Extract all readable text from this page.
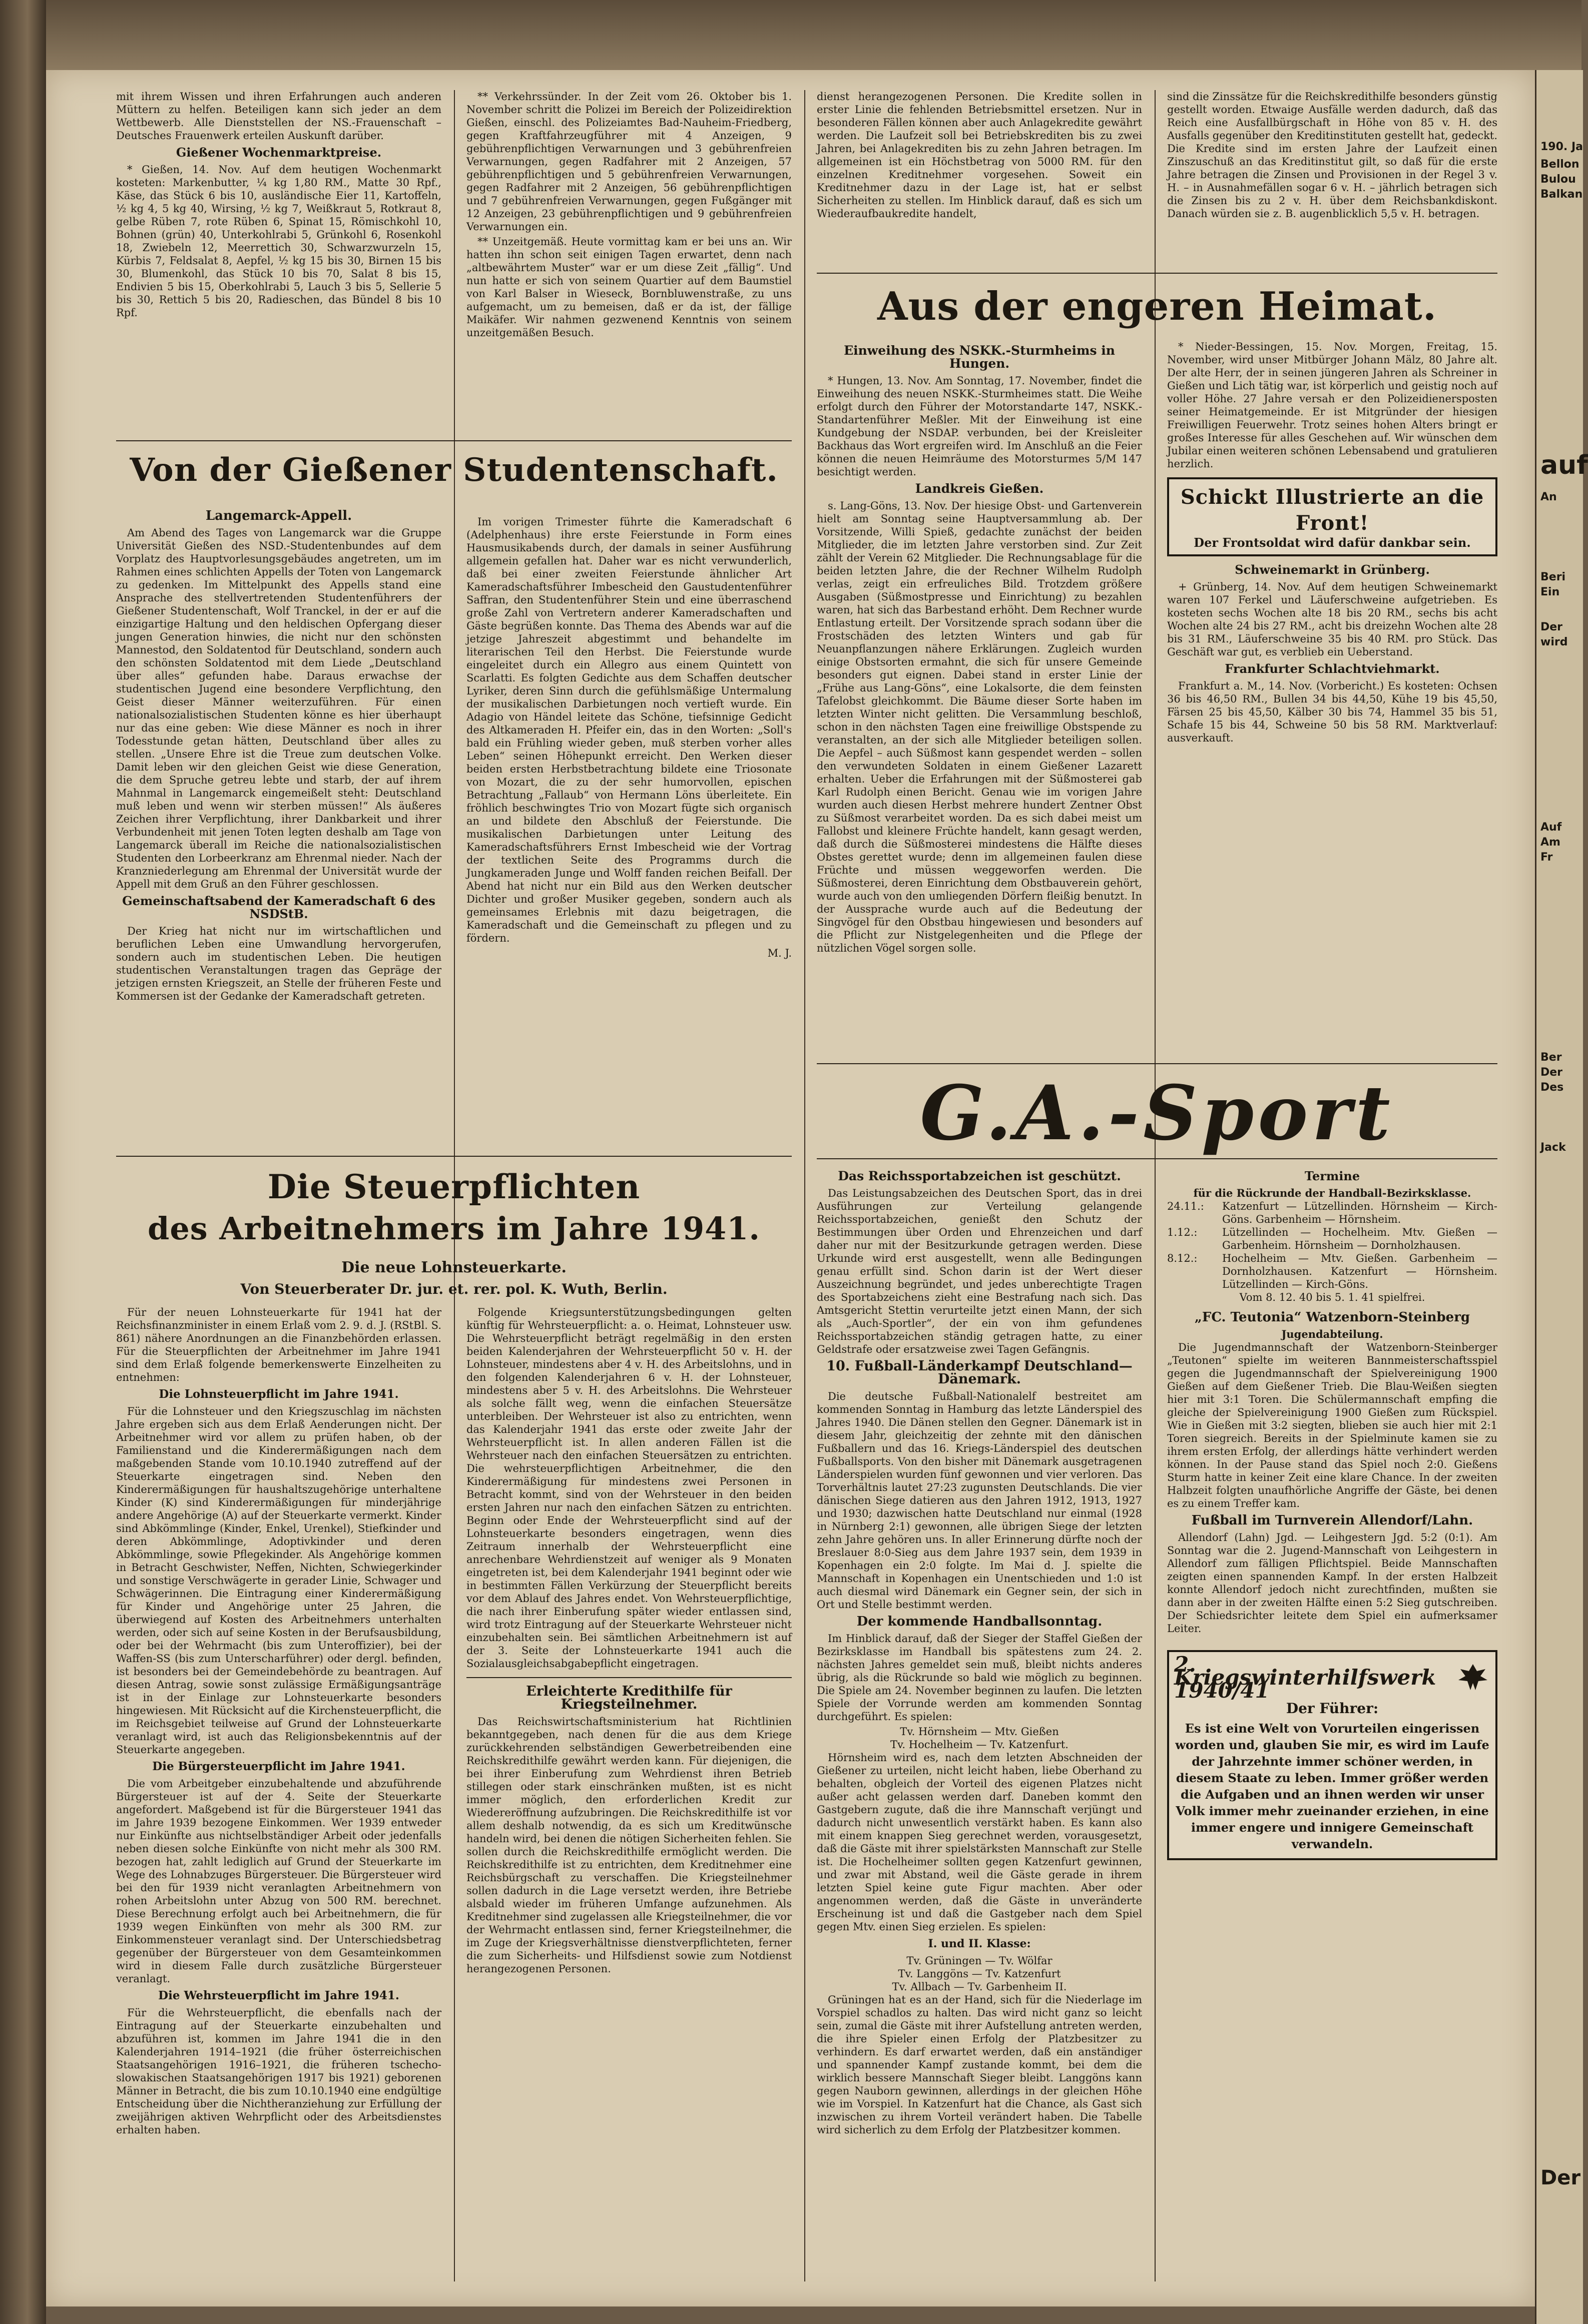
mit ihrem Wissen und ihren Erfahrungen auch anderen Müttern zu helfen. Beteiligen kann sich jeder an dem Wettbewerb. Alle Dienststellen der NS.-Frauenschaft – Deutsches Frauenwerk erteilen Auskunft darüber.

Gießener Wochenmarktpreise.

* Gießen, 14. Nov. Auf dem heutigen Wochenmarkt kosteten: Markenbutter, ¼ kg 1,80 RM., Matte 30 Rpf., Käse, das Stück 6 bis 10, ausländische Eier 11, Kartoffeln, ½ kg 4, 5 kg 40, Wirsing, ½ kg 7, Weißkraut 5, Rotkraut 8, gelbe Rüben 7, rote Rüben 6, Spinat 15, Römischkohl 10, Bohnen (grün) 40, Unterkohlrabi 5, Grünkohl 6, Rosenkohl 18, Zwiebeln 12, Meerrettich 30, Schwarzwurzeln 15, Kürbis 7, Feldsalat 8, Aepfel, ½ kg 15 bis 30, Birnen 15 bis 30, Blumenkohl, das Stück 10 bis 70, Salat 8 bis 15, Endivien 5 bis 15, Oberkohlrabi 5, Lauch 3 bis 5, Sellerie 5 bis 30, Rettich 5 bis 20, Radieschen, das Bündel 8 bis 10 Rpf.

** Verkehrssünder. In der Zeit vom 26. Oktober bis 1. November schritt die Polizei im Bereich der Polizeidirektion Gießen, einschl. des Polizeiamtes Bad-Nauheim-Friedberg, gegen Kraftfahrzeugführer mit 4 Anzeigen, 9 gebührenpflichtigen Verwarnungen und 3 gebührenfreien Verwarnungen, gegen Radfahrer mit 2 Anzeigen, 57 gebührenpflichtigen und 5 gebührenfreien Verwarnungen, gegen Radfahrer mit 2 Anzeigen, 56 gebührenpflichtigen und 7 gebührenfreien Verwarnungen, gegen Fußgänger mit 12 Anzeigen, 23 gebührenpflichtigen und 9 gebührenfreien Verwarnungen ein.

** Unzeitgemäß. Heute vormittag kam er bei uns an. Wir hatten ihn schon seit einigen Tagen erwartet, denn nach „altbewährtem Muster“ war er um diese Zeit „fällig“. Und nun hatte er sich von seinem Quartier auf dem Baumstiel von Karl Balser in Wieseck, Bornbluwenstraße, zu uns aufgemacht, um zu bemeisen, daß er da ist, der fällige Maikäfer. Wir nahmen gezwenend Kenntnis von seinem unzeitgemäßen Besuch.

dienst herangezogenen Personen. Die Kredite sollen in erster Linie die fehlenden Betriebsmittel ersetzen. Nur in besonderen Fällen können aber auch Anlagekredite gewährt werden. Die Laufzeit soll bei Betriebskrediten bis zu zwei Jahren, bei Anlagekrediten bis zu zehn Jahren betragen. Im allgemeinen ist ein Höchstbetrag von 5000 RM. für den einzelnen Kreditnehmer vorgesehen. Soweit ein Kreditnehmer dazu in der Lage ist, hat er selbst Sicherheiten zu stellen. Im Hinblick darauf, daß es sich um Wiederaufbaukredite handelt,

sind die Zinssätze für die Reichskredithilfe besonders günstig gestellt worden. Etwaige Ausfälle werden dadurch, daß das Reich eine Ausfallbürgschaft in Höhe von 85 v. H. des Ausfalls gegenüber den Kreditinstituten gestellt hat, gedeckt. Die Kredite sind im ersten Jahre der Laufzeit einen Zinszuschuß an das Kreditinstitut gilt, so daß für die erste Jahre betragen die Zinsen und Provisionen in der Regel 3 v. H. – in Ausnahmefällen sogar 6 v. H. – jährlich betragen sich die Zinsen bis zu 2 v. H. über dem Reichsbankdiskont. Danach würden sie z. B. augenblicklich 5,5 v. H. betragen.

Von der Gießener Studentenschaft.
Langemarck-Appell.

Am Abend des Tages von Langemarck war die Gruppe Universität Gießen des NSD.-Studentenbundes auf dem Vorplatz des Hauptvorlesungsgebäudes angetreten, um im Rahmen eines schlichten Appells der Toten von Langemarck zu gedenken. Im Mittelpunkt des Appells stand eine Ansprache des stellvertretenden Studentenführers der Gießener Studentenschaft, Wolf Tranckel, in der er auf die einzigartige Haltung und den heldischen Opfergang dieser jungen Generation hinwies, die nicht nur den schönsten Mannestod, den Soldatentod für Deutschland, sondern auch den schönsten Soldatentod mit dem Liede „Deutschland über alles“ gefunden habe. Daraus erwachse der studentischen Jugend eine besondere Verpflichtung, den Geist dieser Männer weiterzuführen. Für einen nationalsozialistischen Studenten könne es hier überhaupt nur das eine geben: Wie diese Männer es noch in ihrer Todesstunde getan hätten, Deutschland über alles zu stellen. „Unsere Ehre ist die Treue zum deutschen Volke. Damit leben wir den gleichen Geist wie diese Generation, die dem Spruche getreu lebte und starb, der auf ihrem Mahnmal in Langemarck eingemeißelt steht: Deutschland muß leben und wenn wir sterben müssen!“ Als äußeres Zeichen ihrer Verpflichtung, ihrer Dankbarkeit und ihrer Verbundenheit mit jenen Toten legten deshalb am Tage von Langemarck überall im Reiche die nationalsozialistischen Studenten den Lorbeerkranz am Ehrenmal nieder. Nach der Kranzniederlegung am Ehrenmal der Universität wurde der Appell mit dem Gruß an den Führer geschlossen.

Gemeinschaftsabend der Kameradschaft 6 des NSDStB.

Der Krieg hat nicht nur im wirtschaftlichen und beruflichen Leben eine Umwandlung hervorgerufen, sondern auch im studentischen Leben. Die heutigen studentischen Veranstaltungen tragen das Gepräge der jetzigen ernsten Kriegszeit, an Stelle der früheren Feste und Kommersen ist der Gedanke der Kameradschaft getreten.

Im vorigen Trimester führte die Kameradschaft 6 (Adelphenhaus) ihre erste Feierstunde in Form eines Hausmusikabends durch, der damals in seiner Ausführung allgemein gefallen hat. Daher war es nicht verwunderlich, daß bei einer zweiten Feierstunde ähnlicher Art Kameradschaftsführer Imbescheid den Gaustudentenführer Saffran, den Studentenführer Stein und eine überraschend große Zahl von Vertretern anderer Kameradschaften und Gäste begrüßen konnte. Das Thema des Abends war auf die jetzige Jahreszeit abgestimmt und behandelte im literarischen Teil den Herbst. Die Feierstunde wurde eingeleitet durch ein Allegro aus einem Quintett von Scarlatti. Es folgten Gedichte aus dem Schaffen deutscher Lyriker, deren Sinn durch die gefühlsmäßige Untermalung der musikalischen Darbietungen noch vertieft wurde. Ein Adagio von Händel leitete das Schöne, tiefsinnige Gedicht des Altkameraden H. Pfeifer ein, das in den Worten: „Soll's bald ein Frühling wieder geben, muß sterben vorher alles Leben“ seinen Höhepunkt erreicht. Den Werken dieser beiden ersten Herbstbetrachtung bildete eine Triosonate von Mozart, die zu der sehr humorvollen, epischen Betrachtung „Fallaub“ von Hermann Löns überleitete. Ein fröhlich beschwingtes Trio von Mozart fügte sich organisch an und bildete den Abschluß der Feierstunde. Die musikalischen Darbietungen unter Leitung des Kameradschaftsführers Ernst Imbescheid wie der Vortrag der textlichen Seite des Programms durch die Jungkameraden Junge und Wolff fanden reichen Beifall. Der Abend hat nicht nur ein Bild aus den Werken deutscher Dichter und großer Musiker gegeben, sondern auch als gemeinsames Erlebnis mit dazu beigetragen, die Kameradschaft und die Gemeinschaft zu pflegen und zu fördern.

M. J.
Die Steuerpflichten
des Arbeitnehmers im Jahre 1941.
Die neue Lohnsteuerkarte.
Von Steuerberater Dr. jur. et. rer. pol. K. Wuth, Berlin.

Für der neuen Lohnsteuerkarte für 1941 hat der Reichsfinanzminister in einem Erlaß vom 2. 9. d. J. (RStBl. S. 861) nähere Anordnungen an die Finanzbehörden erlassen. Für die Steuerpflichten der Arbeitnehmer im Jahre 1941 sind dem Erlaß folgende bemerkenswerte Einzelheiten zu entnehmen:

Die Lohnsteuerpflicht im Jahre 1941.

Für die Lohnsteuer und den Kriegszuschlag im nächsten Jahre ergeben sich aus dem Erlaß Aenderungen nicht. Der Arbeitnehmer wird vor allem zu prüfen haben, ob der Familienstand und die Kinderermäßigungen nach dem maßgebenden Stande vom 10.10.1940 zutreffend auf der Steuerkarte eingetragen sind. Neben den Kinderermäßigungen für haushaltszugehörige unterhaltene Kinder (K) sind Kinderermäßigungen für minderjährige andere Angehörige (A) auf der Steuerkarte vermerkt. Kinder sind Abkömmlinge (Kinder, Enkel, Urenkel), Stiefkinder und deren Abkömmlinge, Adoptivkinder und deren Abkömmlinge, sowie Pflegekinder. Als Angehörige kommen in Betracht Geschwister, Neffen, Nichten, Schwiegerkinder und sonstige Verschwägerte in gerader Linie, Schwager und Schwägerinnen. Die Eintragung einer Kinderermäßigung für Kinder und Angehörige unter 25 Jahren, die überwiegend auf Kosten des Arbeitnehmers unterhalten werden, oder sich auf seine Kosten in der Berufsausbildung, oder bei der Wehrmacht (bis zum Unteroffizier), bei der Waffen-SS (bis zum Unterscharführer) oder dergl. befinden, ist besonders bei der Gemeindebehörde zu beantragen. Auf diesen Antrag, sowie sonst zulässige Ermäßigungsanträge ist in der Einlage zur Lohnsteuerkarte besonders hingewiesen. Mit Rücksicht auf die Kirchensteuerpflicht, die im Reichsgebiet teilweise auf Grund der Lohnsteuerkarte veranlagt wird, ist auch das Religionsbekenntnis auf der Steuerkarte angegeben.

Die Bürgersteuerpflicht im Jahre 1941.

Die vom Arbeitgeber einzubehaltende und abzuführende Bürgersteuer ist auf der 4. Seite der Steuerkarte angefordert. Maßgebend ist für die Bürgersteuer 1941 das im Jahre 1939 bezogene Einkommen. Wer 1939 entweder nur Einkünfte aus nichtselbständiger Arbeit oder jedenfalls neben diesen solche Einkünfte von nicht mehr als 300 RM. bezogen hat, zahlt lediglich auf Grund der Steuerkarte im Wege des Lohnabzuges Bürgersteuer. Die Bürgersteuer wird bei den für 1939 nicht veranlagten Arbeitnehmern von rohen Arbeitslohn unter Abzug von 500 RM. berechnet. Diese Berechnung erfolgt auch bei Arbeitnehmern, die für 1939 wegen Einkünften von mehr als 300 RM. zur Einkommensteuer veranlagt sind. Der Unterschiedsbetrag gegenüber der Bürgersteuer von dem Gesamteinkommen wird in diesem Falle durch zusätzliche Bürgersteuer veranlagt.

Die Wehrsteuerpflicht im Jahre 1941.

Für die Wehrsteuerpflicht, die ebenfalls nach der Eintragung auf der Steuerkarte einzubehalten und abzuführen ist, kommen im Jahre 1941 die in den Kalenderjahren 1914–1921 (die früher österreichischen Staatsangehörigen 1916–1921, die früheren tschecho-slowakischen Staatsangehörigen 1917 bis 1921) geborenen Männer in Betracht, die bis zum 10.10.1940 eine endgültige Entscheidung über die Nichtheranziehung zur Erfüllung der zweijährigen aktiven Wehrpflicht oder des Arbeitsdienstes erhalten haben.

Folgende Kriegsunterstützungsbedingungen gelten künftig für Wehrsteuerpflicht: a. o. Heimat, Lohnsteuer usw. Die Wehrsteuerpflicht beträgt regelmäßig in den ersten beiden Kalenderjahren der Wehrsteuerpflicht 50 v. H. der Lohnsteuer, mindestens aber 4 v. H. des Arbeitslohns, und in den folgenden Kalenderjahren 6 v. H. der Lohnsteuer, mindestens aber 5 v. H. des Arbeitslohns. Die Wehrsteuer als solche fällt weg, wenn die einfachen Steuersätze unterbleiben. Der Wehrsteuer ist also zu entrichten, wenn das Kalenderjahr 1941 das erste oder zweite Jahr der Wehrsteuerpflicht ist. In allen anderen Fällen ist die Wehrsteuer nach den einfachen Steuersätzen zu entrichten. Die wehrsteuerpflichtigen Arbeitnehmer, die den Kinderermäßigung für mindestens zwei Personen in Betracht kommt, sind von der Wehrsteuer in den beiden ersten Jahren nur nach den einfachen Sätzen zu entrichten. Beginn oder Ende der Wehrsteuerpflicht sind auf der Lohnsteuerkarte besonders eingetragen, wenn dies Zeitraum innerhalb der Wehrsteuerpflicht eine anrechenbare Wehrdienstzeit auf weniger als 9 Monaten eingetreten ist, bei dem Kalenderjahr 1941 beginnt oder wie in bestimmten Fällen Verkürzung der Steuerpflicht bereits vor dem Ablauf des Jahres endet. Von Wehrsteuerpflichtige, die nach ihrer Einberufung später wieder entlassen sind, wird trotz Eintragung auf der Steuerkarte Wehrsteuer nicht einzubehalten sein. Bei sämtlichen Arbeitnehmern ist auf der 3. Seite der Lohnsteuerkarte 1941 auch die Sozialausgleichsabgabepflicht eingetragen.

Erleichterte Kredithilfe für Kriegsteilnehmer.

Das Reichswirtschaftsministerium hat Richtlinien bekanntgegeben, nach denen für die aus dem Kriege zurückkehrenden selbständigen Gewerbetreibenden eine Reichskredithilfe gewährt werden kann. Für diejenigen, die bei ihrer Einberufung zum Wehrdienst ihren Betrieb stillegen oder stark einschränken mußten, ist es nicht immer möglich, den erforderlichen Kredit zur Wiedereröffnung aufzubringen. Die Reichskredithilfe ist vor allem deshalb notwendig, da es sich um Kreditwünsche handeln wird, bei denen die nötigen Sicherheiten fehlen. Sie sollen durch die Reichskredithilfe ermöglicht werden. Die Reichskredithilfe ist zu entrichten, dem Kreditnehmer eine Reichsbürgschaft zu verschaffen. Die Kriegsteilnehmer sollen dadurch in die Lage versetzt werden, ihre Betriebe alsbald wieder im früheren Umfange aufzunehmen. Als Kreditnehmer sind zugelassen alle Kriegsteilnehmer, die vor der Wehrmacht entlassen sind, ferner Kriegsteilnehmer, die im Zuge der Kriegsverhältnisse dienstverpflichteten, ferner die zum Sicherheits- und Hilfsdienst sowie zum Notdienst herangezogenen Personen.

Aus der engeren Heimat.
Einweihung des NSKK.-Sturmheims in Hungen.

* Hungen, 13. Nov. Am Sonntag, 17. November, findet die Einweihung des neuen NSKK.-Sturmheimes statt. Die Weihe erfolgt durch den Führer der Motorstandarte 147, NSKK.-Standartenführer Meßler. Mit der Einweihung ist eine Kundgebung der NSDAP. verbunden, bei der Kreisleiter Backhaus das Wort ergreifen wird. Im Anschluß an die Feier können die neuen Heimräume des Motorsturmes 5/M 147 besichtigt werden.

Landkreis Gießen.

s. Lang-Göns, 13. Nov. Der hiesige Obst- und Gartenverein hielt am Sonntag seine Hauptversammlung ab. Der Vorsitzende, Willi Spieß, gedachte zunächst der beiden Mitglieder, die im letzten Jahre verstorben sind. Zur Zeit zählt der Verein 62 Mitglieder. Die Rechnungsablage für die beiden letzten Jahre, die der Rechner Wilhelm Rudolph verlas, zeigt ein erfreuliches Bild. Trotzdem größere Ausgaben (Süßmostpresse und Einrichtung) zu bezahlen waren, hat sich das Barbestand erhöht. Dem Rechner wurde Entlastung erteilt. Der Vorsitzende sprach sodann über die Frostschäden des letzten Winters und gab für Neuanpflanzungen nähere Erklärungen. Zugleich wurden einige Obstsorten ermahnt, die sich für unsere Gemeinde besonders gut eignen. Dabei stand in erster Linie der „Frühe aus Lang-Göns“, eine Lokalsorte, die dem feinsten Tafelobst gleichkommt. Die Bäume dieser Sorte haben im letzten Winter nicht gelitten. Die Versammlung beschloß, schon in den nächsten Tagen eine freiwillige Obstspende zu veranstalten, an der sich alle Mitglieder beteiligen sollen. Die Aepfel – auch Süßmost kann gespendet werden – sollen den verwundeten Soldaten in einem Gießener Lazarett erhalten. Ueber die Erfahrungen mit der Süßmosterei gab Karl Rudolph einen Bericht. Genau wie im vorigen Jahre wurden auch diesen Herbst mehrere hundert Zentner Obst zu Süßmost verarbeitet worden. Da es sich dabei meist um Fallobst und kleinere Früchte handelt, kann gesagt werden, daß durch die Süßmosterei mindestens die Hälfte dieses Obstes gerettet wurde; denn im allgemeinen faulen diese Früchte und müssen weggeworfen werden. Die Süßmosterei, deren Einrichtung dem Obstbauverein gehört, wurde auch von den umliegenden Dörfern fleißig benutzt. In der Aussprache wurde auch auf die Bedeutung der Singvögel für den Obstbau hingewiesen und besonders auf die Pflicht zur Nistgelegenheiten und die Pflege der nützlichen Vögel sorgen solle.

* Nieder-Bessingen, 15. Nov. Morgen, Freitag, 15. November, wird unser Mitbürger Johann Mälz, 80 Jahre alt. Der alte Herr, der in seinen jüngeren Jahren als Schreiner in Gießen und Lich tätig war, ist körperlich und geistig noch auf voller Höhe. 27 Jahre versah er den Polizeidienersposten seiner Heimatgemeinde. Er ist Mitgründer der hiesigen Freiwilligen Feuerwehr. Trotz seines hohen Alters bringt er großes Interesse für alles Geschehen auf. Wir wünschen dem Jubilar einen weiteren schönen Lebensabend und gratulieren herzlich.

Schickt Illustrierte an die Front!
Der Frontsoldat wird dafür dankbar sein.
Schweinemarkt in Grünberg.

+ Grünberg, 14. Nov. Auf dem heutigen Schweinemarkt waren 107 Ferkel und Läuferschweine aufgetrieben. Es kosteten sechs Wochen alte 18 bis 20 RM., sechs bis acht Wochen alte 24 bis 27 RM., acht bis dreizehn Wochen alte 28 bis 31 RM., Läuferschweine 35 bis 40 RM. pro Stück. Das Geschäft war gut, es verblieb ein Ueberstand.

Frankfurter Schlachtviehmarkt.

Frankfurt a. M., 14. Nov. (Vorbericht.) Es kosteten: Ochsen 36 bis 46,50 RM., Bullen 34 bis 44,50, Kühe 19 bis 45,50, Färsen 25 bis 45,50, Kälber 30 bis 74, Hammel 35 bis 51, Schafe 15 bis 44, Schweine 50 bis 58 RM. Marktverlauf: ausverkauft.

G.A.-Sport
Das Reichssportabzeichen ist geschützt.

Das Leistungsabzeichen des Deutschen Sport, das in drei Ausführungen zur Verteilung gelangende Reichssportabzeichen, genießt den Schutz der Bestimmungen über Orden und Ehrenzeichen und darf daher nur mit der Besitzurkunde getragen werden. Diese Urkunde wird erst ausgestellt, wenn alle Bedingungen genau erfüllt sind. Schon darin ist der Wert dieser Auszeichnung begründet, und jedes unberechtigte Tragen des Sportabzeichens zieht eine Bestrafung nach sich. Das Amtsgericht Stettin verurteilte jetzt einen Mann, der sich als „Auch-Sportler“, der ein von ihm gefundenes Reichssportabzeichen ständig getragen hatte, zu einer Geldstrafe oder ersatzweise zwei Tagen Gefängnis.

10. Fußball-Länderkampf Deutschland—Dänemark.

Die deutsche Fußball-Nationalelf bestreitet am kommenden Sonntag in Hamburg das letzte Länderspiel des Jahres 1940. Die Dänen stellen den Gegner. Dänemark ist in diesem Jahr, gleichzeitig der zehnte mit den dänischen Fußballern und das 16. Kriegs-Länderspiel des deutschen Fußballsports. Von den bisher mit Dänemark ausgetragenen Länderspielen wurden fünf gewonnen und vier verloren. Das Torverhältnis lautet 27:23 zugunsten Deutschlands. Die vier dänischen Siege datieren aus den Jahren 1912, 1913, 1927 und 1930; dazwischen hatte Deutschland nur einmal (1928 in Nürnberg 2:1) gewonnen, alle übrigen Siege der letzten zehn Jahre gehören uns. In aller Erinnerung dürfte noch der Breslauer 8:0-Sieg aus dem Jahre 1937 sein, dem 1939 in Kopenhagen ein 2:0 folgte. Im Mai d. J. spielte die Mannschaft in Kopenhagen ein Unentschieden und 1:0 ist auch diesmal wird Dänemark ein Gegner sein, der sich in Ort und Stelle bestimmt werden.

Der kommende Handballsonntag.

Im Hinblick darauf, daß der Sieger der Staffel Gießen der Bezirksklasse im Handball bis spätestens zum 24. 2. nächsten Jahres gemeldet sein muß, bleibt nichts anderes übrig, als die Rückrunde so bald wie möglich zu beginnen. Die Spiele am 24. November beginnen zu laufen. Die letzten Spiele der Vorrunde werden am kommenden Sonntag durchgeführt. Es spielen:

Tv. Hörnsheim — Mtv. Gießen
Tv. Hochelheim — Tv. Katzenfurt.

Hörnsheim wird es, nach dem letzten Abschneiden der Gießener zu urteilen, nicht leicht haben, liebe Oberhand zu behalten, obgleich der Vorteil des eigenen Platzes nicht außer acht gelassen werden darf. Daneben kommt den Gastgebern zugute, daß die ihre Mannschaft verjüngt und dadurch nicht unwesentlich verstärkt haben. Es kann also mit einem knappen Sieg gerechnet werden, vorausgesetzt, daß die Gäste mit ihrer spielstärksten Mannschaft zur Stelle ist. Die Hochelheimer sollten gegen Katzenfurt gewinnen, und zwar mit Abstand, weil die Gäste gerade in ihrem letzten Spiel keine gute Figur machten. Aber oder angenommen werden, daß die Gäste in unveränderte Erscheinung ist und daß die Gastgeber nach dem Spiel gegen Mtv. einen Sieg erzielen. Es spielen:

I. und II. Klasse:
Tv. Grüningen — Tv. Wölfar
Tv. Langgöns — Tv. Katzenfurt
Tv. Allbach — Tv. Garbenheim II.

Grüningen hat es an der Hand, sich für die Niederlage im Vorspiel schadlos zu halten. Das wird nicht ganz so leicht sein, zumal die Gäste mit ihrer Aufstellung antreten werden, die ihre Spieler einen Erfolg der Platzbesitzer zu verhindern. Es darf erwartet werden, daß ein anständiger und spannender Kampf zustande kommt, bei dem die wirklich bessere Mannschaft Sieger bleibt. Langgöns kann gegen Nauborn gewinnen, allerdings in der gleichen Höhe wie im Vorspiel. In Katzenfurt hat die Chance, als Gast sich inzwischen zu ihrem Vorteil verändert haben. Die Tabelle wird sicherlich zu dem Erfolg der Platzbesitzer kommen.

Termine
für die Rückrunde der Handball-Bezirksklasse.
24.11.:	Katzenfurt — Lützellinden. Hörnsheim — Kirch-Göns. Garbenheim — Hörnsheim.
1.12.:	Lützellinden — Hochelheim. Mtv. Gießen — Garbenheim. Hörnsheim — Dornholzhausen.
8.12.:	Hochelheim — Mtv. Gießen. Garbenheim — Dornholzhausen. Katzenfurt — Hörnsheim. Lützellinden — Kirch-Göns.
Vom 8. 12. 40 bis 5. 1. 41 spielfrei.
„FC. Teutonia“ Watzenborn-Steinberg
Jugendabteilung.

Die Jugendmannschaft der Watzenborn-Steinberger „Teutonen“ spielte im weiteren Bannmeisterschaftsspiel gegen die Jugendmannschaft der Spielvereinigung 1900 Gießen auf dem Gießener Trieb. Die Blau-Weißen siegten hier mit 3:1 Toren. Die Schülermannschaft empfing die gleiche der Spielvereinigung 1900 Gießen zum Rückspiel. Wie in Gießen mit 3:2 siegten, blieben sie auch hier mit 2:1 Toren siegreich. Bereits in der Spielminute kamen sie zu ihrem ersten Erfolg, der allerdings hätte verhindert werden können. In der Pause stand das Spiel noch 2:0. Gießens Sturm hatte in keiner Zeit eine klare Chance. In der zweiten Halbzeit folgten unaufhörliche Angriffe der Gäste, bei denen es zu einem Treffer kam.

Fußball im Turnverein Allendorf/Lahn.

Allendorf (Lahn) Jgd. — Leihgestern Jgd. 5:2 (0:1). Am Sonntag war die 2. Jugend-Mannschaft von Leihgestern in Allendorf zum fälligen Pflichtspiel. Beide Mannschaften zeigten einen spannenden Kampf. In der ersten Halbzeit konnte Allendorf jedoch nicht zurechtfinden, mußten sie dann aber in der zweiten Hälfte einen 5:2 Sieg gutschreiben. Der Schiedsrichter leitete dem Spiel ein aufmerksamer Leiter.

2. Kriegswinterhilfswerk 1940/41
Der Führer:
Es ist eine Welt von Vorurteilen eingerissen worden und, glauben Sie mir, es wird im Laufe der Jahrzehnte immer schöner werden, in diesem Staate zu leben. Immer größer werden die Aufgaben und an ihnen werden wir unser Volk immer mehr zueinander erziehen, in eine immer engere und innigere Gemeinschaft verwandeln.
190. Ja
Bellon
Bulou
Balkan
auf
An
Beri
Ein
Der
wird
Auf
Am
Fr
Ber
Der
Des
Jack
Der
